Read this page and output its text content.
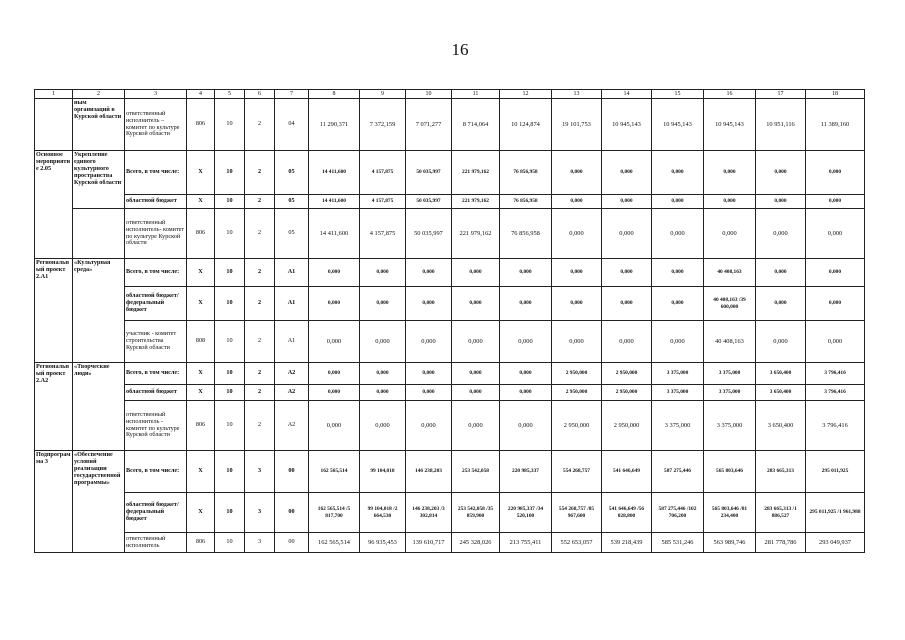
16
1	2	3	4	5	6	7	8	9	10	11	12	13	14	15	16	17	18
	ным организаций в Курской области	ответственный исполнитель – комитет по культуре Курской области	806	10	2	04	11 290,371	7 372,159	7 071,277	8 714,064	10 124,874	19 101,753	10 945,143	10 945,143	10 945,143	10 951,116	11 389,160
Основное мероприятие 2.05	Укрепление единого культурного пространства Курской области	Всего, в том числе:	X	10	2	05	14 411,600	4 157,875	50 035,997	221 979,162	76 856,958	0,000	0,000	0,000	0,000	0,000	0,000
		областной бюджет	X	10	2	05	14 411,600	4 157,875	50 035,997	221 979,162	76 856,958	0,000	0,000	0,000	0,000	0,000	0,000
		ответственный исполнитель- комитет по культуре Курской области	806	10	2	05	14 411,600	4 157,875	50 035,997	221 979,162	76 856,958	0,000	0,000	0,000	0,000	0,000	0,000
Региональный проект 2.А1	«Культурная среда»	Всего, в том числе:	X	10	2	А1	0,000	0,000	0,000	0,000	0,000	0,000	0,000	0,000	40 408,163	0,000	0,000
		областной бюджет/ федеральный бюджет	X	10	2	А1	0,000	0,000	0,000	0,000	0,000	0,000	0,000	0,000	40 408,163 /39 600,000	0,000	0,000
		участник - комитет строительства Курской области	808	10	2	А1	0,000	0,000	0,000	0,000	0,000	0,000	0,000	0,000	40 408,163	0,000	0,000
Региональный проект 2.А2	«Творческие люди»	Всего, в том числе:	X	10	2	А2	0,000	0,000	0,000	0,000	0,000	2 950,000	2 950,000	3 375,000	3 375,000	3 650,400	3 796,416
		областной бюджет	X	10	2	А2	0,000	0,000	0,000	0,000	0,000	2 950,000	2 950,000	3 375,000	3 375,000	3 650,400	3 796,416
		ответственный исполнитель - комитет по культуре Курской области	806	10	2	А2	0,000	0,000	0,000	0,000	0,000	2 950,000	2 950,000	3 375,000	3 375,000	3 650,400	3 796,416
Подпрограмма 3	«Обеспечение условий реализации государственной программы»	Всего, в том числе:	X	10	3	00	162 565,514	99 104,018	146 238,203	253 542,058	220 985,337	554 268,757	541 646,649	587 275,446	565 803,646	283 665,313	295 011,925
		областной бюджет/ федеральный бюджет	X	10	3	00	162 565,514 /5 817,700	99 104,018 /2 664,530	146 238,203 /3 302,814	253 542,058 /35 859,900	220 985,337 /34 520,100	554 268,757 /85 967,600	541 646,649 /56 028,800	587 275,446 /102 706,200	565 803,646 /81 234,400	283 665,313 /1 886,527	295 011,925 /1 961,988
		ответственный исполнитель	806	10	3	00	162 565,514	96 935,453	139 610,717	245 328,026	213 755,411	552 653,057	539 218,439	585 531,246	563 989,746	281 778,786	293 049,937
